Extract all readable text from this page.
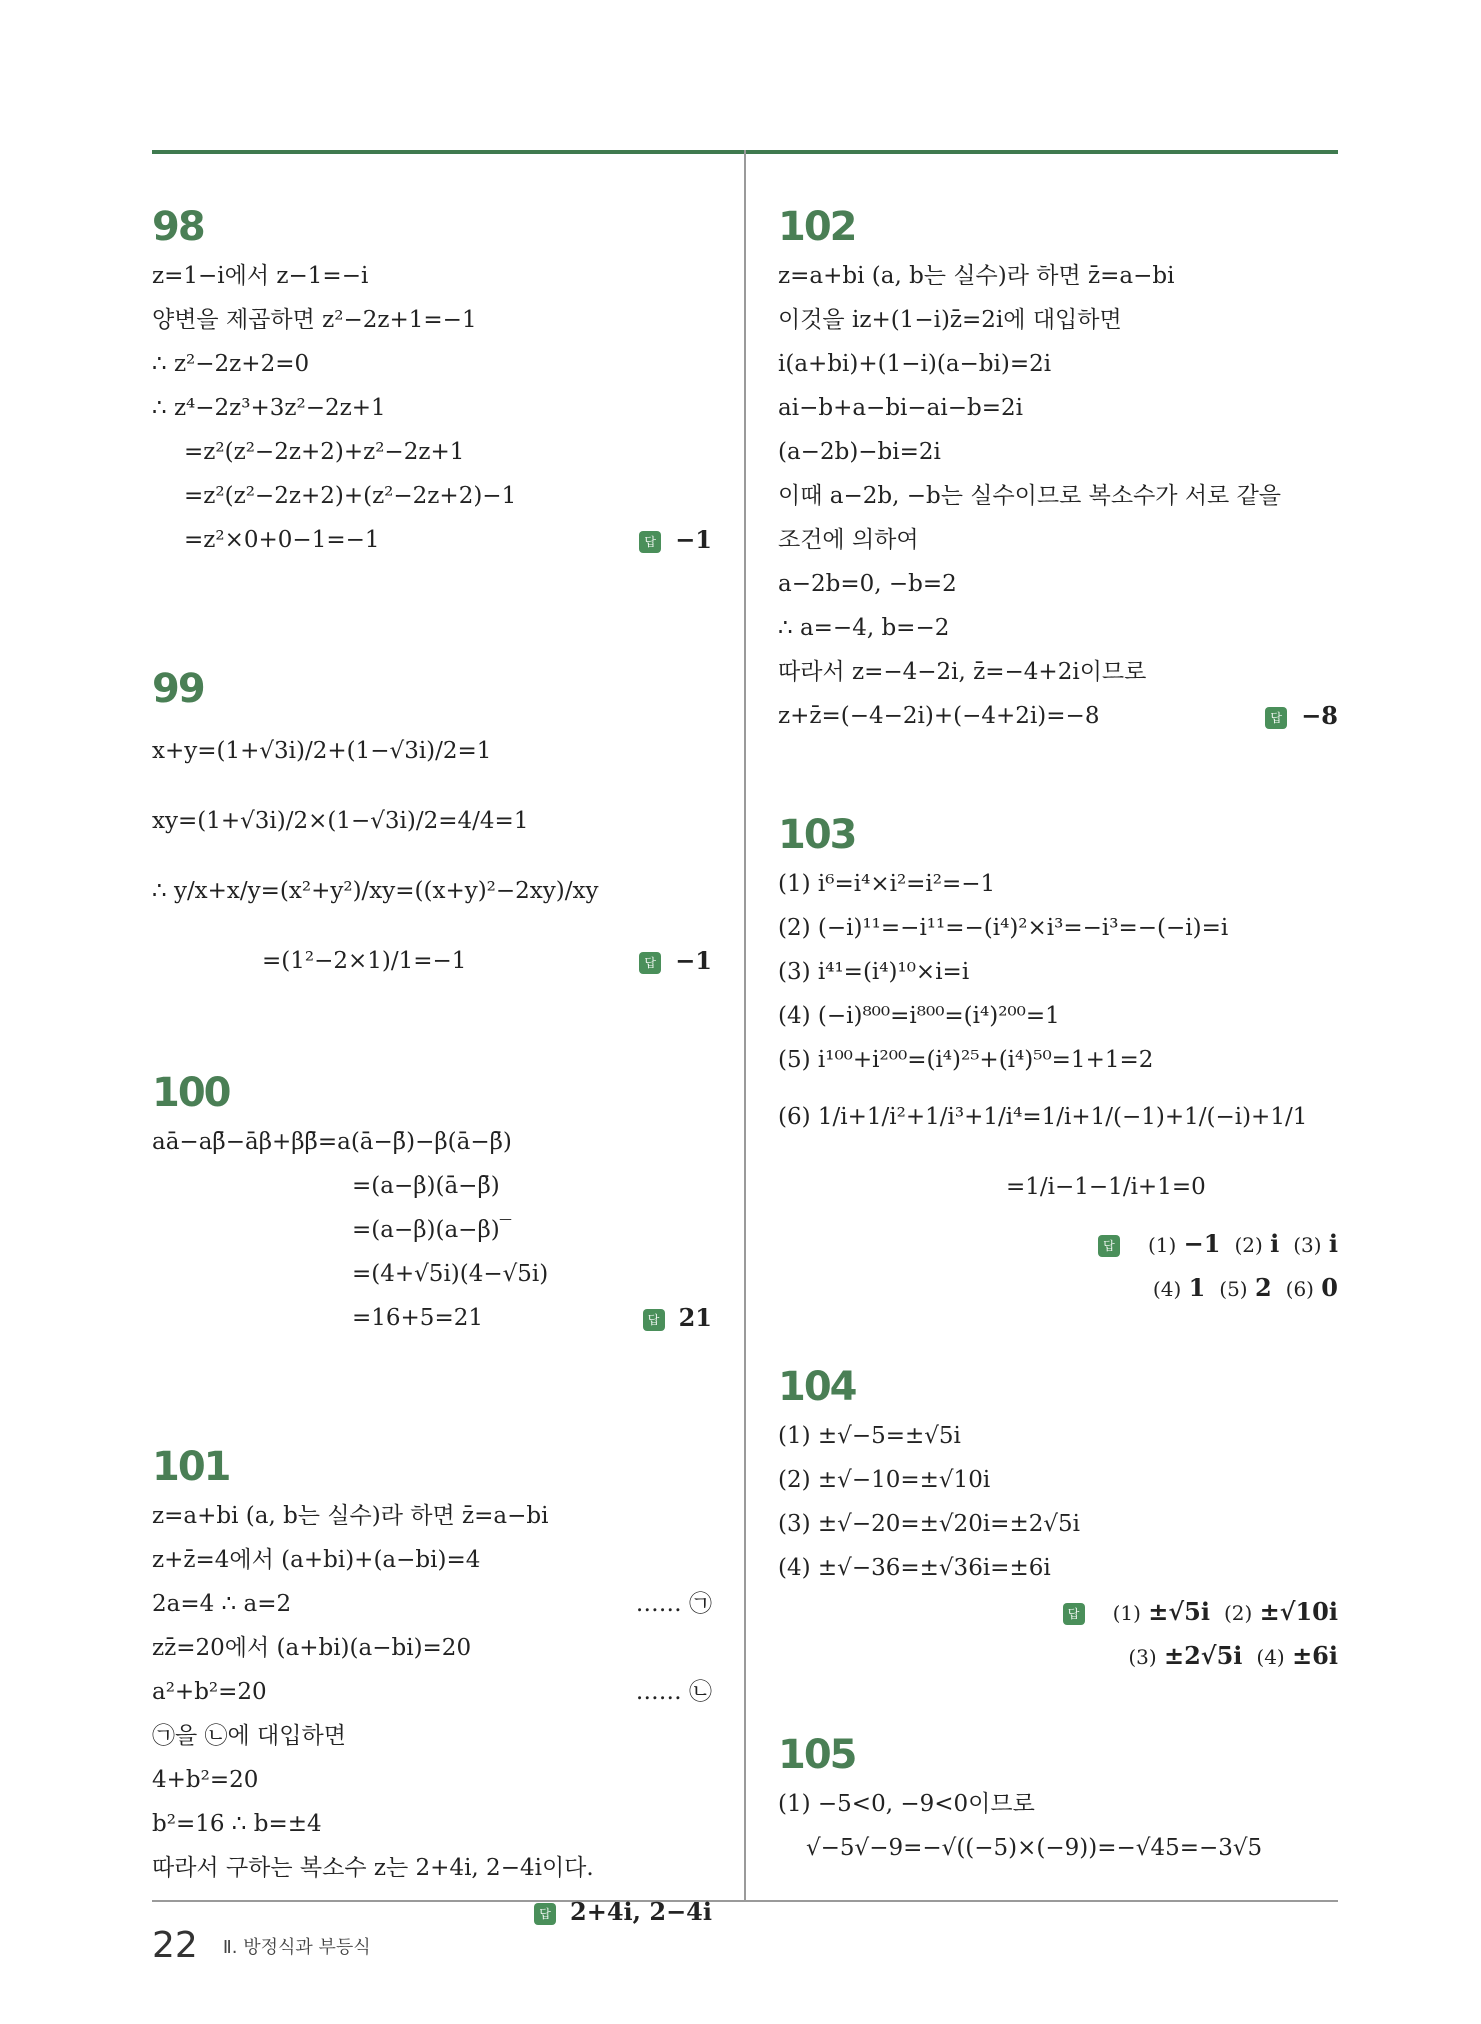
98
z=1−i에서 z−1=−i
양변을 제곱하면 z²−2z+1=−1
∴ z²−2z+2=0
∴ z⁴−2z³+3z²−2z+1
=z²(z²−2z+2)+z²−2z+1
=z²(z²−2z+2)+(z²−2z+2)−1
=z²×0+0−1=−1	답 −1
99
x+y=(1+√3i)/2+(1−√3i)/2=1
xy=(1+√3i)/2×(1−√3i)/2=4/4=1
∴ y/x+x/y=(x²+y²)/xy=((x+y)²−2xy)/xy
=(1²−2×1)/1=−1	답 −1
100
aā−aβ̄−āβ+ββ̄=a(ā−β̄)−β(ā−β̄)
=(a−β)(ā−β̄)
=(a−β)(a−β)‾
=(4+√5i)(4−√5i)
=16+5=21	답 21
101
z=a+bi (a, b는 실수)라 하면 z̄=a−bi
z+z̄=4에서 (a+bi)+(a−bi)=4
2a=4 ∴ a=2	…… ㉠
zz̄=20에서 (a+bi)(a−bi)=20
a²+b²=20	…… ㉡
㉠을 ㉡에 대입하면
4+b²=20
b²=16 ∴ b=±4
따라서 구하는 복소수 z는 2+4i, 2−4i이다.
답 2+4i, 2−4i
102
z=a+bi (a, b는 실수)라 하면 z̄=a−bi
이것을 iz+(1−i)z̄=2i에 대입하면
i(a+bi)+(1−i)(a−bi)=2i
ai−b+a−bi−ai−b=2i
(a−2b)−bi=2i
이때 a−2b, −b는 실수이므로 복소수가 서로 같을
조건에 의하여
a−2b=0, −b=2
∴ a=−4, b=−2
따라서 z=−4−2i, z̄=−4+2i이므로
z+z̄=(−4−2i)+(−4+2i)=−8	답 −8
103
(1) i⁶=i⁴×i²=i²=−1
(2) (−i)¹¹=−i¹¹=−(i⁴)²×i³=−i³=−(−i)=i
(3) i⁴¹=(i⁴)¹⁰×i=i
(4) (−i)⁸⁰⁰=i⁸⁰⁰=(i⁴)²⁰⁰=1
(5) i¹⁰⁰+i²⁰⁰=(i⁴)²⁵+(i⁴)⁵⁰=1+1=2
(6) 1/i+1/i²+1/i³+1/i⁴=1/i+1/(−1)+1/(−i)+1/1
=1/i−1−1/i+1=0
답 (1) −1 (2) i (3) i
(4) 1 (5) 2 (6) 0
104
(1) ±√−5=±√5i
(2) ±√−10=±√10i
(3) ±√−20=±√20i=±2√5i
(4) ±√−36=±√36i=±6i
답 (1) ±√5i (2) ±√10i
(3) ±2√5i (4) ±6i
105
(1) −5<0, −9<0이므로
√−5√−9=−√((−5)×(−9))=−√45=−3√5
22 Ⅱ. 방정식과 부등식
